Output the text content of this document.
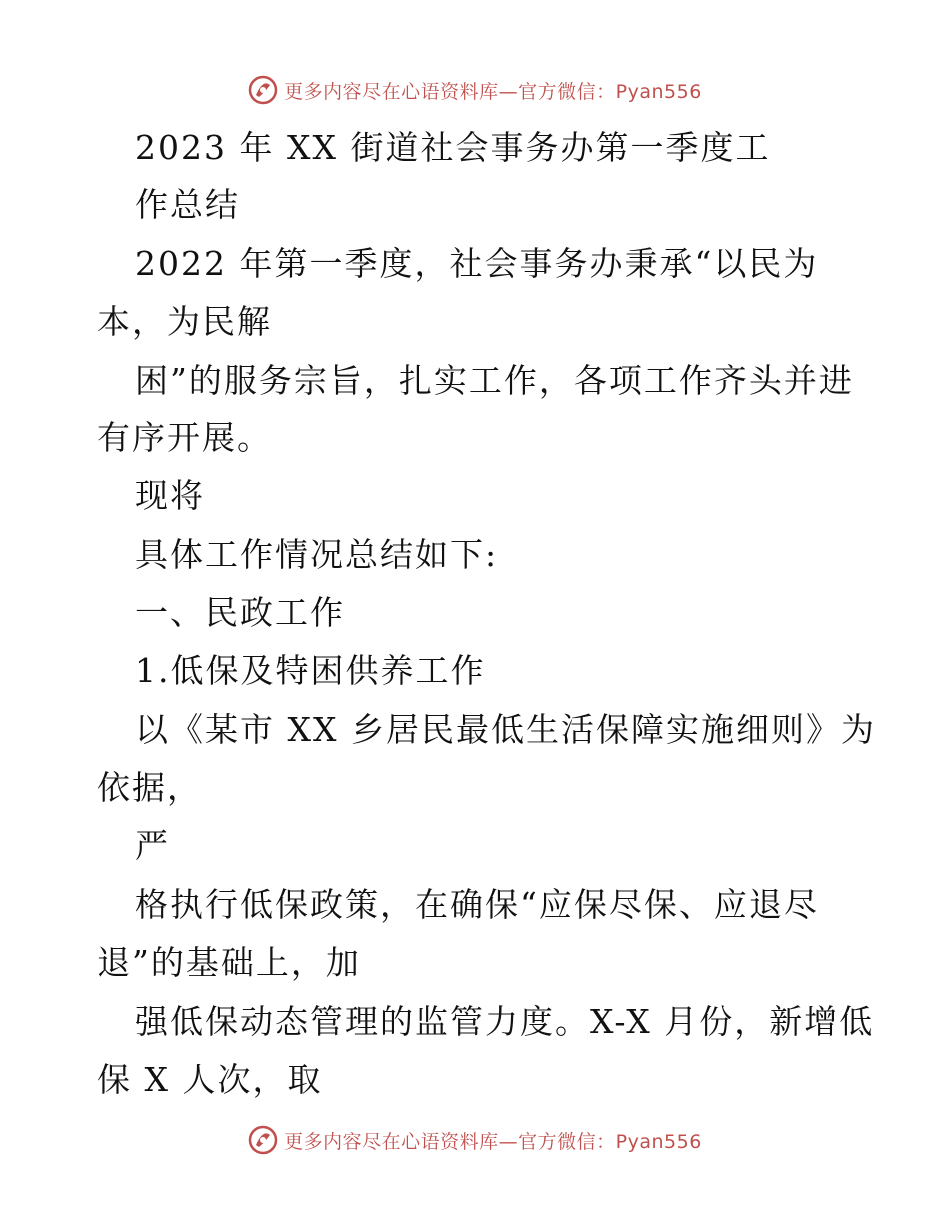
更多内容尽在心语资料库—官方微信：Pyan556
2023 年 XX 街道社会事务办第一季度工
作总结
2022 年第一季度，社会事务办秉承“以民为
本，为民解
困”的服务宗旨，扎实工作，各项工作齐头并进
有序开展。
现将
具体工作情况总结如下:
一、民政工作
1.低保及特困供养工作
以《某市 XX 乡居民最低生活保障实施细则》为
依据，
严
格执行低保政策，在确保“应保尽保、应退尽
退”的基础上，加
强低保动态管理的监管力度。X-X 月份，新增低
保 X 人次，取
更多内容尽在心语资料库—官方微信：Pyan556
